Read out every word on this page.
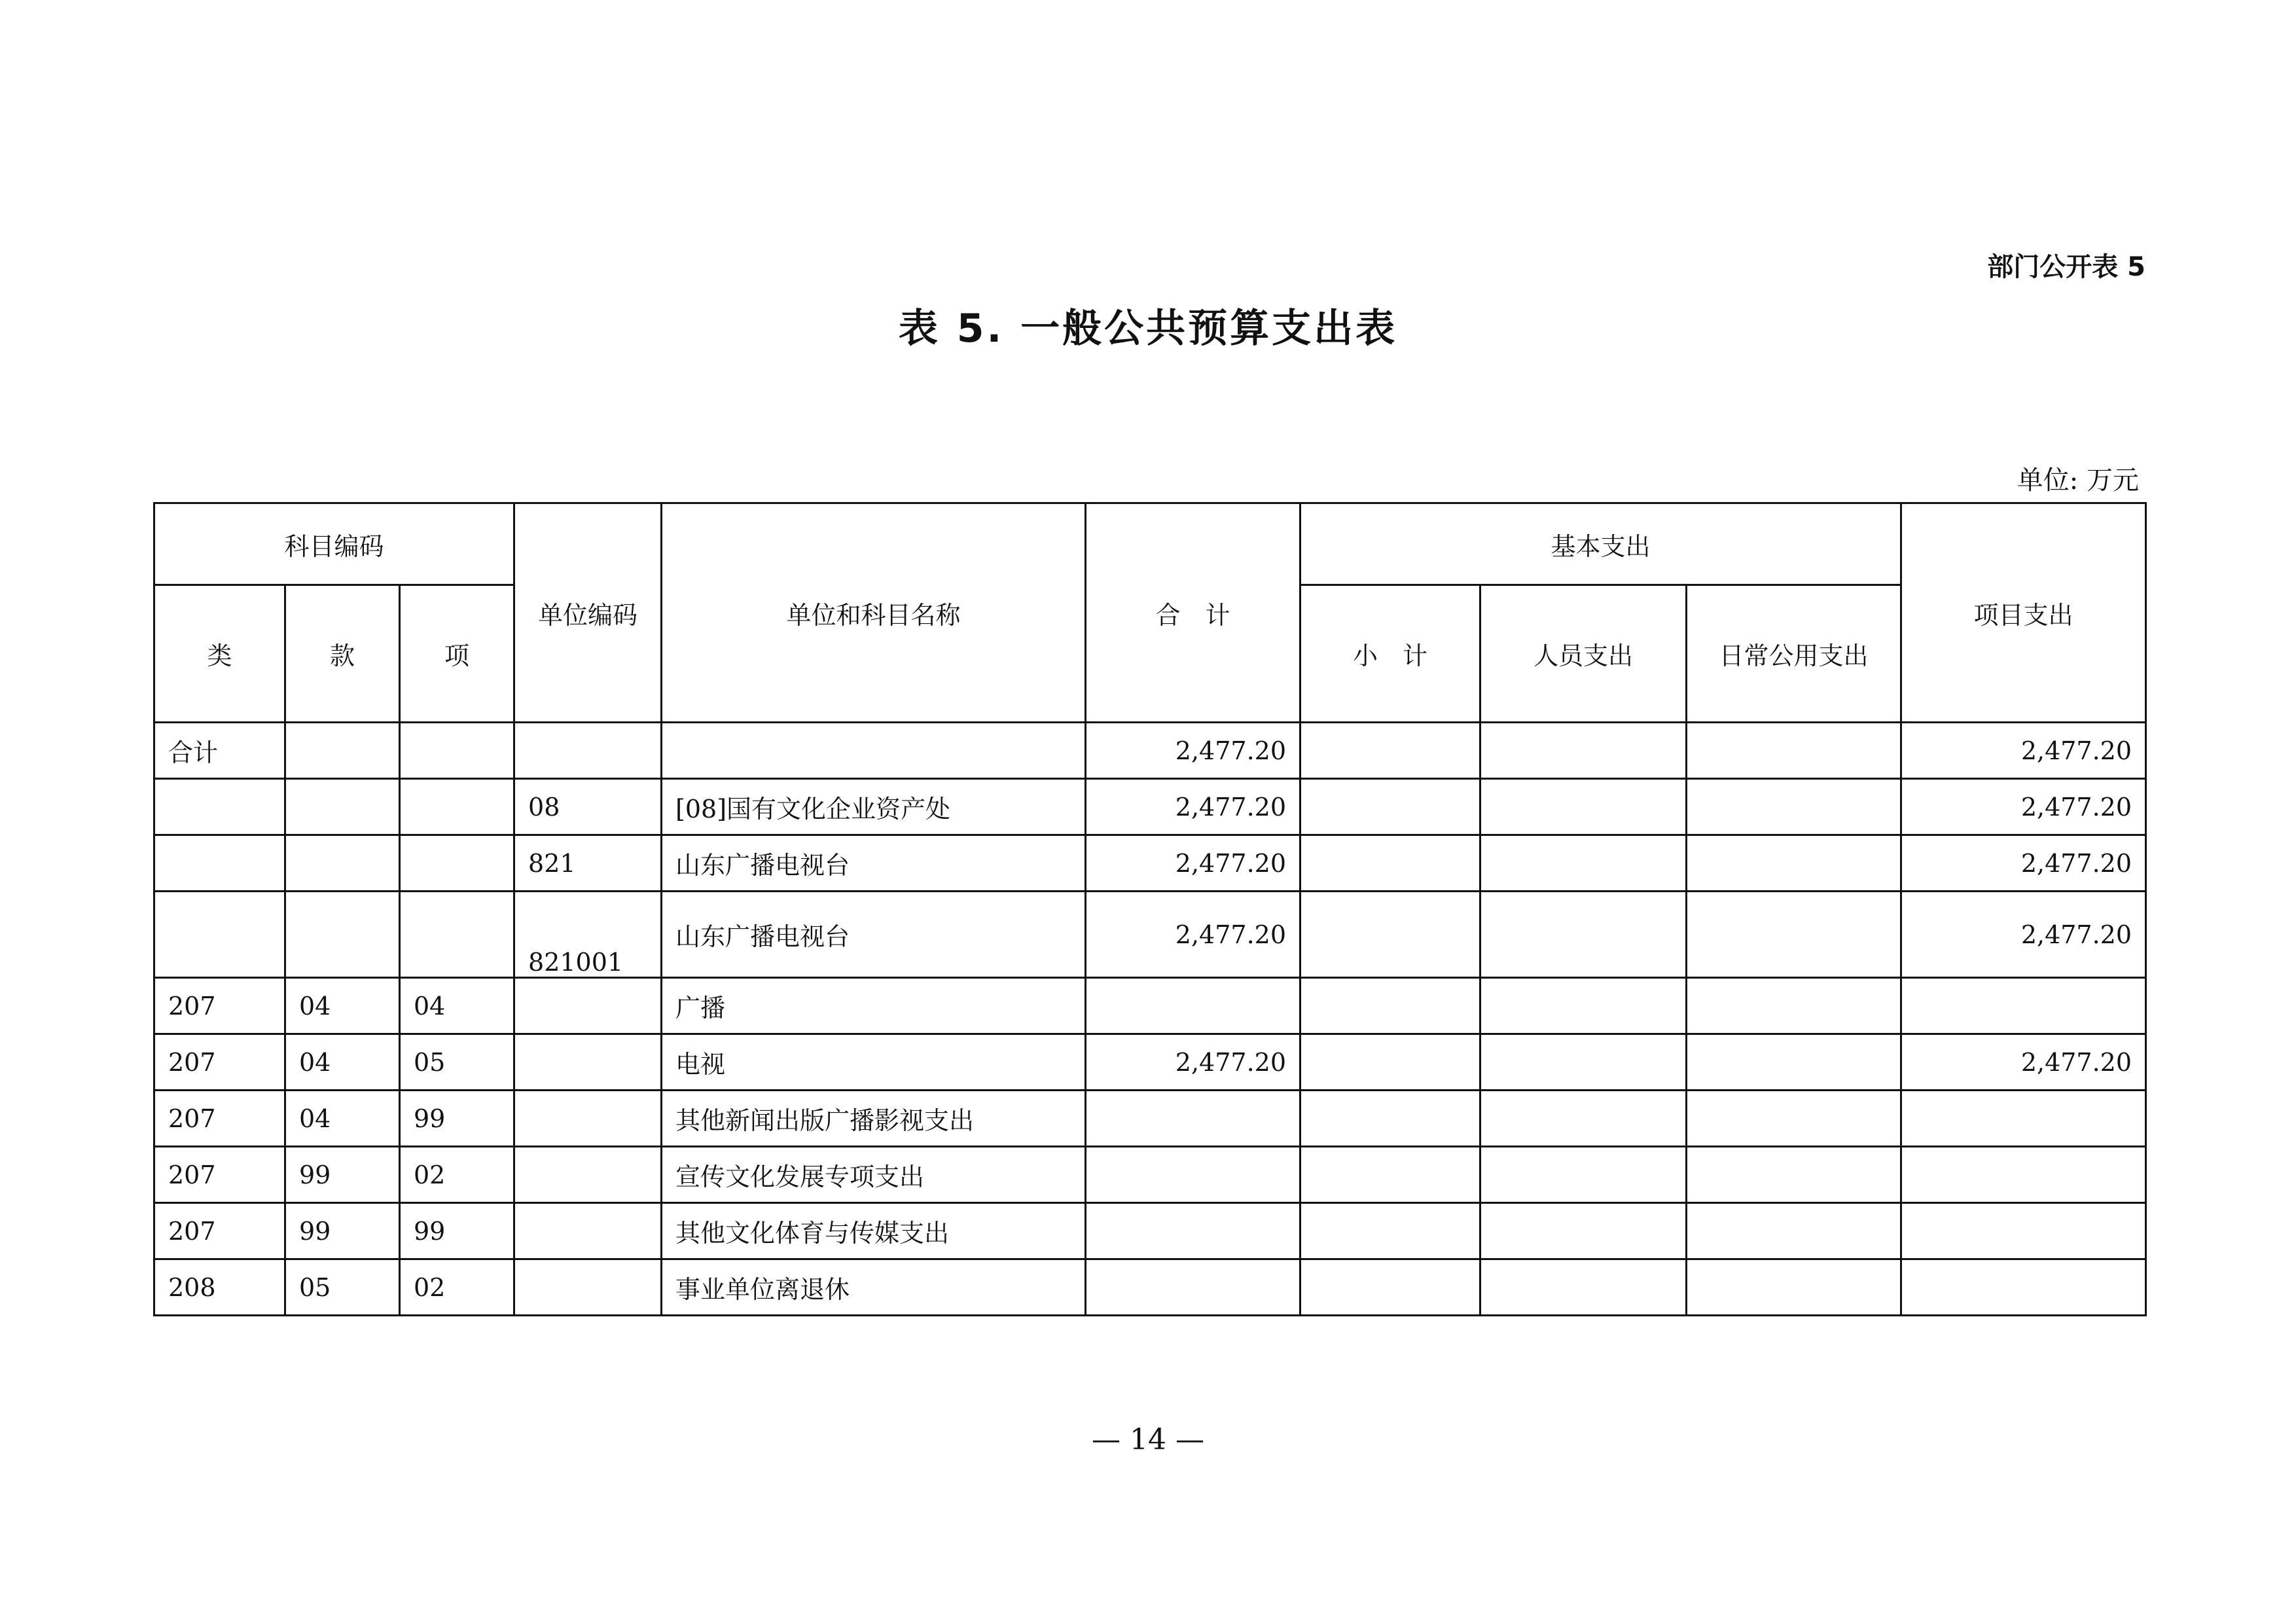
部门公开表 5
表 5. 一般公共预算支出表
单位: 万元
科目编码			单位编码	单位和科目名称	合　计	基本支出			项目支出
类	款	项				小　计	人员支出	日常公用支出	

合计					2,477.20				2,477.20
			08	[08]国有文化企业资产处	2,477.20				2,477.20
			821	山东广播电视台	2,477.20				2,477.20
			821001	山东广播电视台	2,477.20				2,477.20
207	04	04		广播					
207	04	05		电视	2,477.20				2,477.20
207	04	99		其他新闻出版广播影视支出					
207	99	02		宣传文化发展专项支出					
207	99	99		其他文化体育与传媒支出					
208	05	02		事业单位离退休					
— 14 —
